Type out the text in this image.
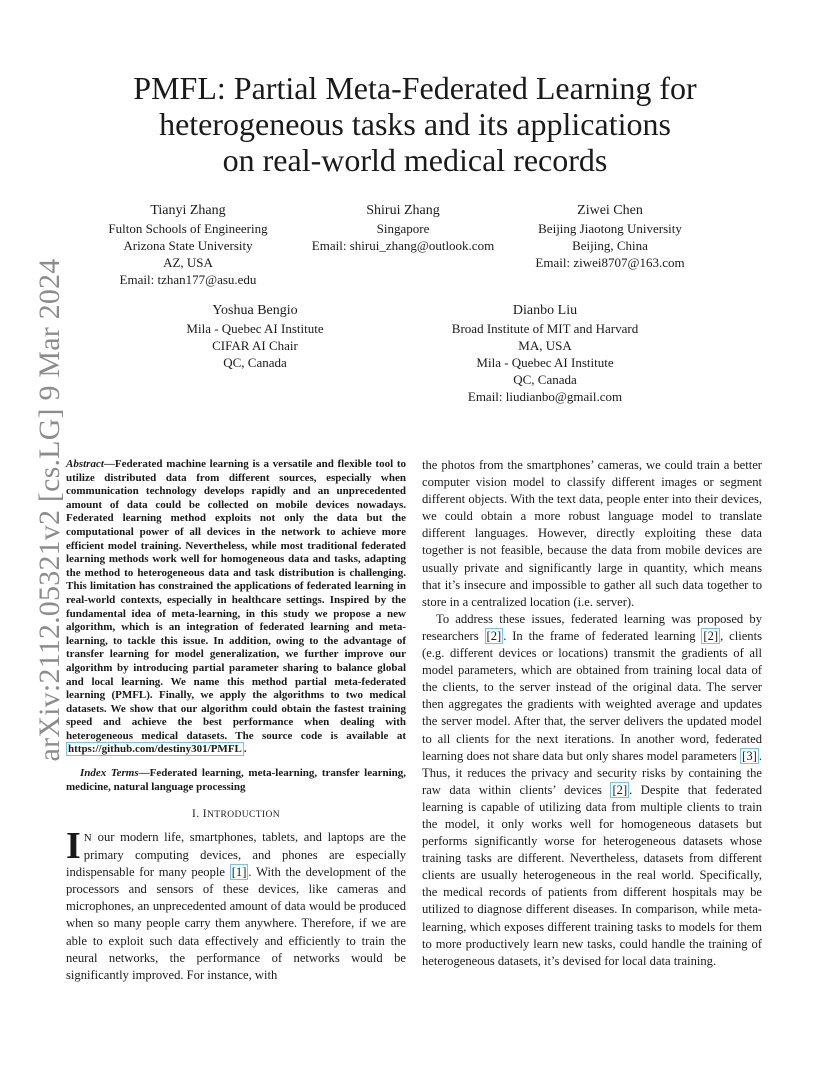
arXiv:2112.05321v2 [cs.LG] 9 Mar 2024
PMFL: Partial Meta-Federated Learning for
heterogeneous tasks and its applications
on real-world medical records
Tianyi Zhang
Fulton Schools of Engineering
Arizona State University
AZ, USA
Email: tzhan177@asu.edu
Shirui Zhang
Singapore
Email: shirui_zhang@outlook.com
Ziwei Chen
Beijing Jiaotong University
Beijing, China
Email: ziwei8707@163.com
Yoshua Bengio
Mila - Quebec AI Institute
CIFAR AI Chair
QC, Canada
Dianbo Liu
Broad Institute of MIT and Harvard
MA, USA
Mila - Quebec AI Institute
QC, Canada
Email: liudianbo@gmail.com
Abstract—Federated machine learning is a versatile and flexible tool to utilize distributed data from different sources, especially when communication technology develops rapidly and an unprecedented amount of data could be collected on mobile devices nowadays. Federated learning method exploits not only the data but the computational power of all devices in the network to achieve more efficient model training. Nevertheless, while most traditional federated learning methods work well for homogeneous data and tasks, adapting the method to heterogeneous data and task distribution is challenging. This limitation has constrained the applications of federated learning in real-world contexts, especially in healthcare settings. Inspired by the fundamental idea of meta-learning, in this study we propose a new algorithm, which is an integration of federated learning and meta-learning, to tackle this issue. In addition, owing to the advantage of transfer learning for model generalization, we further improve our algorithm by introducing partial parameter sharing to balance global and local learning. We name this method partial meta-federated learning (PMFL). Finally, we apply the algorithms to two medical datasets. We show that our algorithm could obtain the fastest training speed and achieve the best performance when dealing with heterogeneous medical datasets. The source code is available at https://github.com/destiny301/PMFL .
Index Terms—Federated learning, meta-learning, transfer learning, medicine, natural language processing
I. INTRODUCTION
I N our modern life, smartphones, tablets, and laptops are the primary computing devices, and phones are especially indispensable for many people [1] . With the development of the processors and sensors of these devices, like cameras and microphones, an unprecedented amount of data would be produced when so many people carry them anywhere. Therefore, if we are able to exploit such data effectively and efficiently to train the neural networks, the performance of networks would be significantly improved. For instance, with

the photos from the smartphones’ cameras, we could train a better computer vision model to classify different images or segment different objects. With the text data, people enter into their devices, we could obtain a more robust language model to translate different languages. However, directly exploiting these data together is not feasible, because the data from mobile devices are usually private and significantly large in quantity, which means that it’s insecure and impossible to gather all such data together to store in a centralized location (i.e. server).

To address these issues, federated learning was proposed by researchers [2] . In the frame of federated learning [2] , clients (e.g. different devices or locations) transmit the gradients of all model parameters, which are obtained from training local data of the clients, to the server instead of the original data. The server then aggregates the gradients with weighted average and updates the server model. After that, the server delivers the updated model to all clients for the next iterations. In another word, federated learning does not share data but only shares model parameters [3] . Thus, it reduces the privacy and security risks by containing the raw data within clients’ devices [2] . Despite that federated learning is capable of utilizing data from multiple clients to train the model, it only works well for homogeneous datasets but performs significantly worse for heterogeneous datasets whose training tasks are different. Nevertheless, datasets from different clients are usually heterogeneous in the real world. Specifically, the medical records of patients from different hospitals may be utilized to diagnose different diseases. In comparison, while meta-learning, which exposes different training tasks to models for them to more productively learn new tasks, could handle the training of heterogeneous datasets, it’s devised for local data training.
